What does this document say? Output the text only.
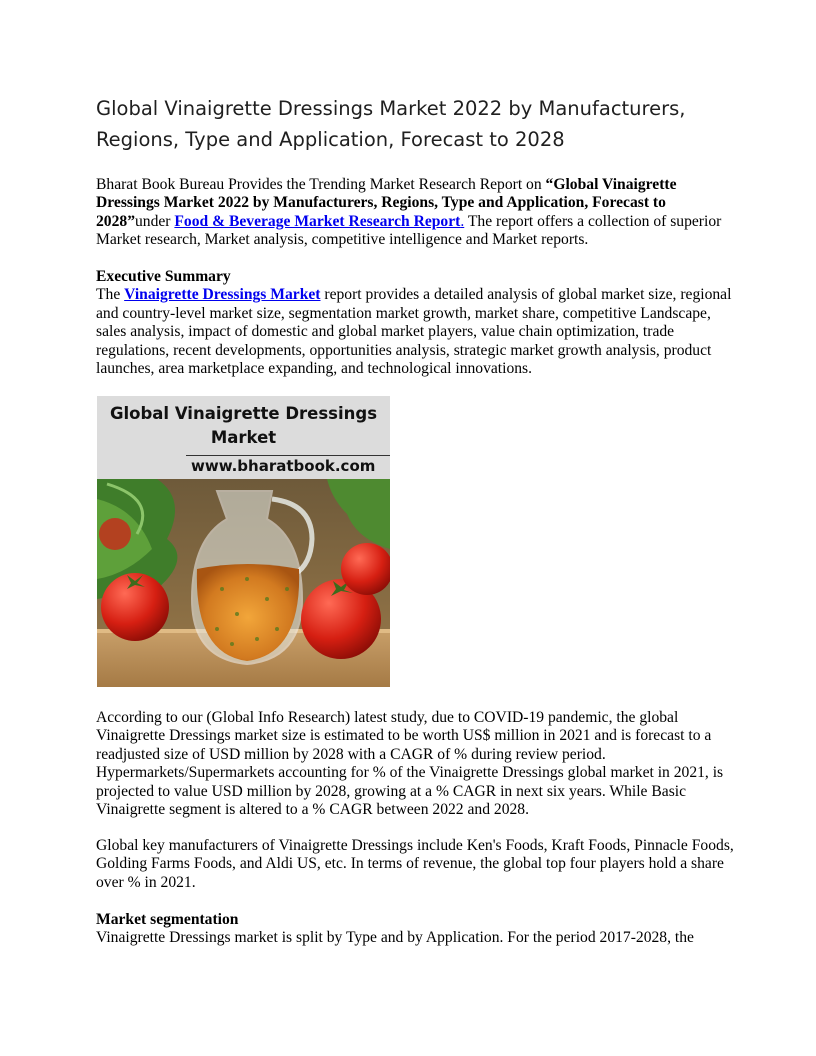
Global Vinaigrette Dressings Market 2022 by Manufacturers, Regions, Type and Application, Forecast to 2028

Bharat Book Bureau Provides the Trending Market Research Report on “Global Vinaigrette Dressings Market 2022 by Manufacturers, Regions, Type and Application, Forecast to 2028”under Food & Beverage Market Research Report. The report offers a collection of superior Market research, Market analysis, competitive intelligence and Market reports.

Executive Summary
The Vinaigrette Dressings Market report provides a detailed analysis of global market size, regional and country-level market size, segmentation market growth, market share, competitive Landscape, sales analysis, impact of domestic and global market players, value chain optimization, trade regulations, recent developments, opportunities analysis, strategic market growth analysis, product launches, area marketplace expanding, and technological innovations.

Global Vinaigrette Dressings Market
www.bharatbook.com

According to our (Global Info Research) latest study, due to COVID-19 pandemic, the global Vinaigrette Dressings market size is estimated to be worth US$ million in 2021 and is forecast to a readjusted size of USD million by 2028 with a CAGR of % during review period. Hypermarkets/Supermarkets accounting for % of the Vinaigrette Dressings global market in 2021, is projected to value USD million by 2028, growing at a % CAGR in next six years. While Basic Vinaigrette segment is altered to a % CAGR between 2022 and 2028.

Global key manufacturers of Vinaigrette Dressings include Ken's Foods, Kraft Foods, Pinnacle Foods, Golding Farms Foods, and Aldi US, etc. In terms of revenue, the global top four players hold a share over % in 2021.

Market segmentation
Vinaigrette Dressings market is split by Type and by Application. For the period 2017-2028, the
